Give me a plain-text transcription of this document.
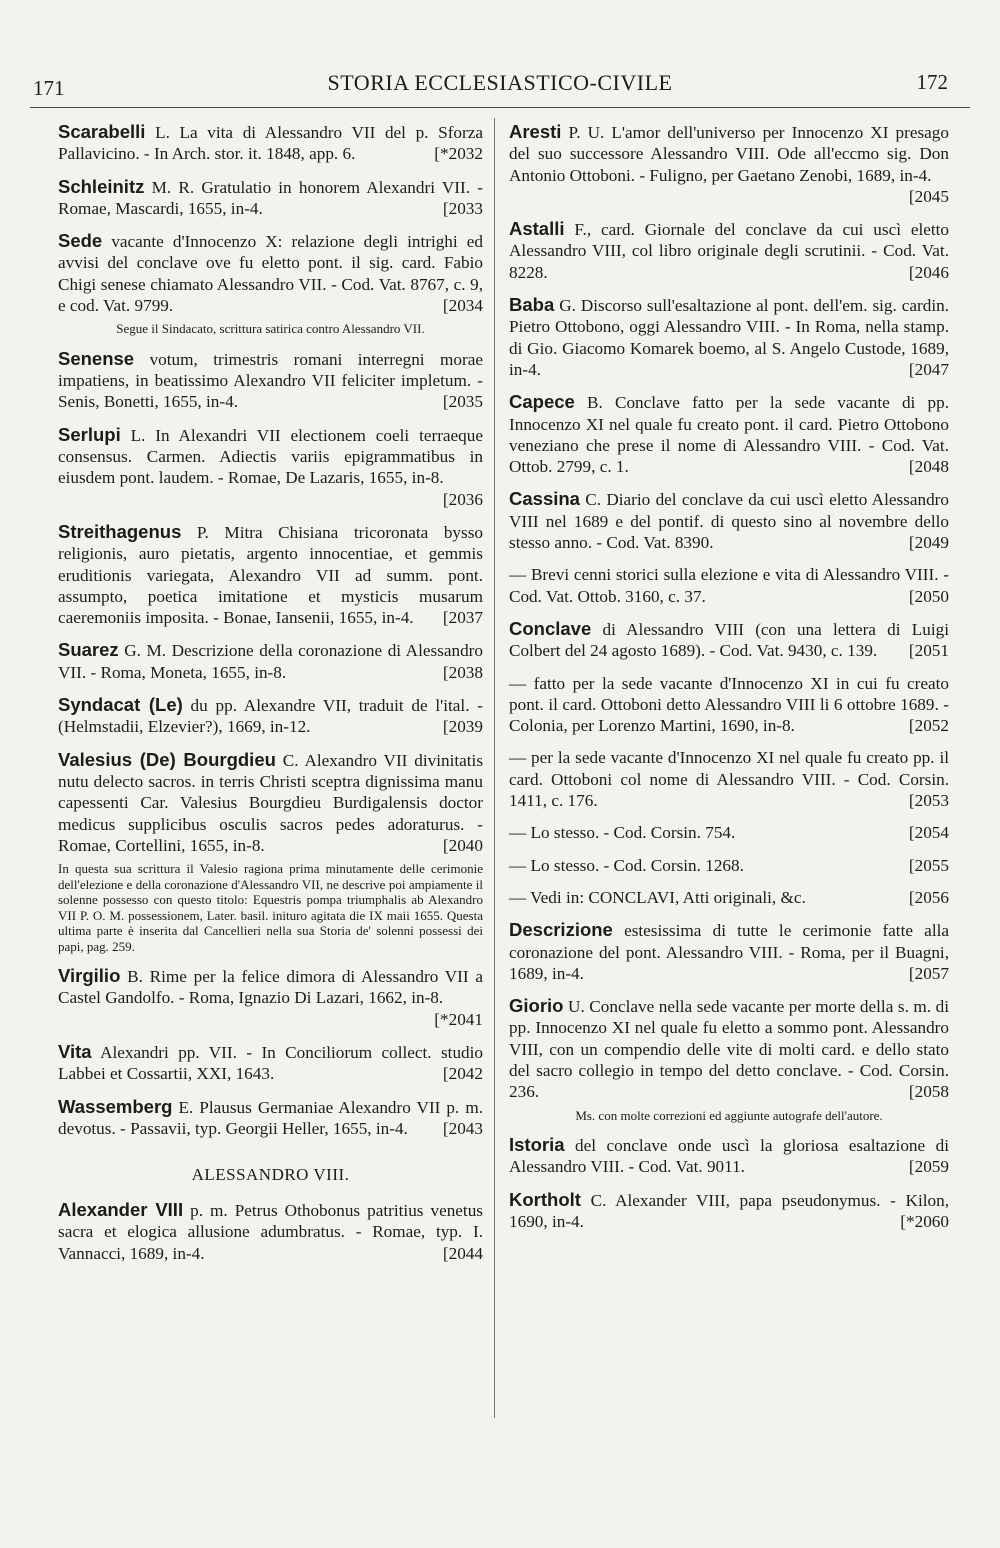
171	STORIA ECCLESIASTICO-CIVILE	172
Scarabelli L. La vita di Alessandro VII del p. Sforza Pallavicino. - In Arch. stor. it. 1848, app. 6.	[*2032
Schleinitz M. R. Gratulatio in honorem Alexandri VII. - Romae, Mascardi, 1655, in-4.	[2033
Sede vacante d'Innocenzo X: relazione degli intrighi ed avvisi del conclave ove fu eletto pont. il sig. card. Fabio Chigi senese chiamato Alessandro VII. - Cod. Vat. 8767, c. 9, e cod. Vat. 9799.	[2034
Segue il Sindacato, scrittura satirica contro Alessandro VII.
Senense votum, trimestris romani interregni morae impatiens, in beatissimo Alexandro VII feliciter impletum. - Senis, Bonetti, 1655, in-4.	[2035
Serlupi L. In Alexandri VII electionem coeli terraeque consensus. Carmen. Adiectis variis epigrammatibus in eiusdem pont. laudem. - Romae, De Lazaris, 1655, in-8.
[2036
Streithagenus P. Mitra Chisiana tricoronata bysso religionis, auro pietatis, argento innocentiae, et gemmis eruditionis variegata, Alexandro VII ad summ. pont. assumpto, poetica imitatione et mysticis musarum caeremoniis imposita. - Bonae, Iansenii, 1655, in-4. [2037
Suarez G. M. Descrizione della coronazione di Alessandro VII. - Roma, Moneta, 1655, in-8.	[2038
Syndacat (Le) du pp. Alexandre VII, traduit de l'ital. - (Helmstadii, Elzevier?), 1669, in-12.	[2039
Valesius (De) Bourgdieu C. Alexandro VII divinitatis nutu delecto sacros. in terris Christi sceptra dignissima manu capessenti Car. Valesius Bourgdieu Burdigalensis doctor medicus supplicibus osculis sacros pedes adoraturus. - Romae, Cortellini, 1655, in-8.	[2040
In questa sua scrittura il Valesio ragiona prima minutamente delle cerimonie dell'elezione e della coronazione d'Alessandro VII, ne descrive poi ampiamente il solenne possesso con questo titolo: Equestris pompa triumphalis ab Alexandro VII P. O. M. possessionem, Later. basil. inituro agitata die IX maii 1655. Questa ultima parte è inserita dal Cancellieri nella sua Storia de' solenni possessi dei papi, pag. 259.
Virgilio B. Rime per la felice dimora di Alessandro VII a Castel Gandolfo. - Roma, Ignazio Di Lazari, 1662, in-8.
[*2041
Vita Alexandri pp. VII. - In Conciliorum collect. studio Labbei et Cossartii, XXI, 1643.	[2042
Wassemberg E. Plausus Germaniae Alexandro VII p. m. devotus. - Passavii, typ. Georgii Heller, 1655, in-4. [2043
ALESSANDRO VIII.
Alexander VIII p. m. Petrus Othobonus patritius venetus sacra et elogica allusione adumbratus. - Romae, typ. I. Vannacci, 1689, in-4.	[2044
Aresti P. U. L'amor dell'universo per Innocenzo XI presago del suo successore Alessandro VIII. Ode all'eccmo sig. Don Antonio Ottoboni. - Fuligno, per Gaetano Zenobi, 1689, in-4.
[2045
Astalli F., card. Giornale del conclave da cui uscì eletto Alessandro VIII, col libro originale degli scrutinii. - Cod. Vat. 8228.	[2046
Baba G. Discorso sull'esaltazione al pont. dell'em. sig. cardin. Pietro Ottobono, oggi Alessandro VIII. - In Roma, nella stamp. di Gio. Giacomo Komarek boemo, al S. Angelo Custode, 1689, in-4.	[2047
Capece B. Conclave fatto per la sede vacante di pp. Innocenzo XI nel quale fu creato pont. il card. Pietro Ottobono veneziano che prese il nome di Alessandro VIII. - Cod. Vat. Ottob. 2799, c. 1.	[2048
Cassina C. Diario del conclave da cui uscì eletto Alessandro VIII nel 1689 e del pontif. di questo sino al novembre dello stesso anno. - Cod. Vat. 8390.	[2049
— Brevi cenni storici sulla elezione e vita di Alessandro VIII. - Cod. Vat. Ottob. 3160, c. 37.	[2050
Conclave di Alessandro VIII (con una lettera di Luigi Colbert del 24 agosto 1689). - Cod. Vat. 9430, c. 139. [2051
— fatto per la sede vacante d'Innocenzo XI in cui fu creato pont. il card. Ottoboni detto Alessandro VIII li 6 ottobre 1689. - Colonia, per Lorenzo Martini, 1690, in-8.	[2052
— per la sede vacante d'Innocenzo XI nel quale fu creato pp. il card. Ottoboni col nome di Alessandro VIII. - Cod. Corsin. 1411, c. 176.	[2053
— Lo stesso. - Cod. Corsin. 754.	[2054
— Lo stesso. - Cod. Corsin. 1268.	[2055
— Vedi in: CONCLAVI, Atti originali, &c.	[2056
Descrizione estesissima di tutte le cerimonie fatte alla coronazione del pont. Alessandro VIII. - Roma, per il Buagni, 1689, in-4.	[2057
Giorio U. Conclave nella sede vacante per morte della s. m. di pp. Innocenzo XI nel quale fu eletto a sommo pont. Alessandro VIII, con un compendio delle vite di molti card. e dello stato del sacro collegio in tempo del detto conclave. - Cod. Corsin. 236.	[2058
Ms. con molte correzioni ed aggiunte autografe dell'autore.
Istoria del conclave onde uscì la gloriosa esaltazione di Alessandro VIII. - Cod. Vat. 9011.	[2059
Kortholt C. Alexander VIII, papa pseudonymus. - Kilon, 1690, in-4.	[*2060
